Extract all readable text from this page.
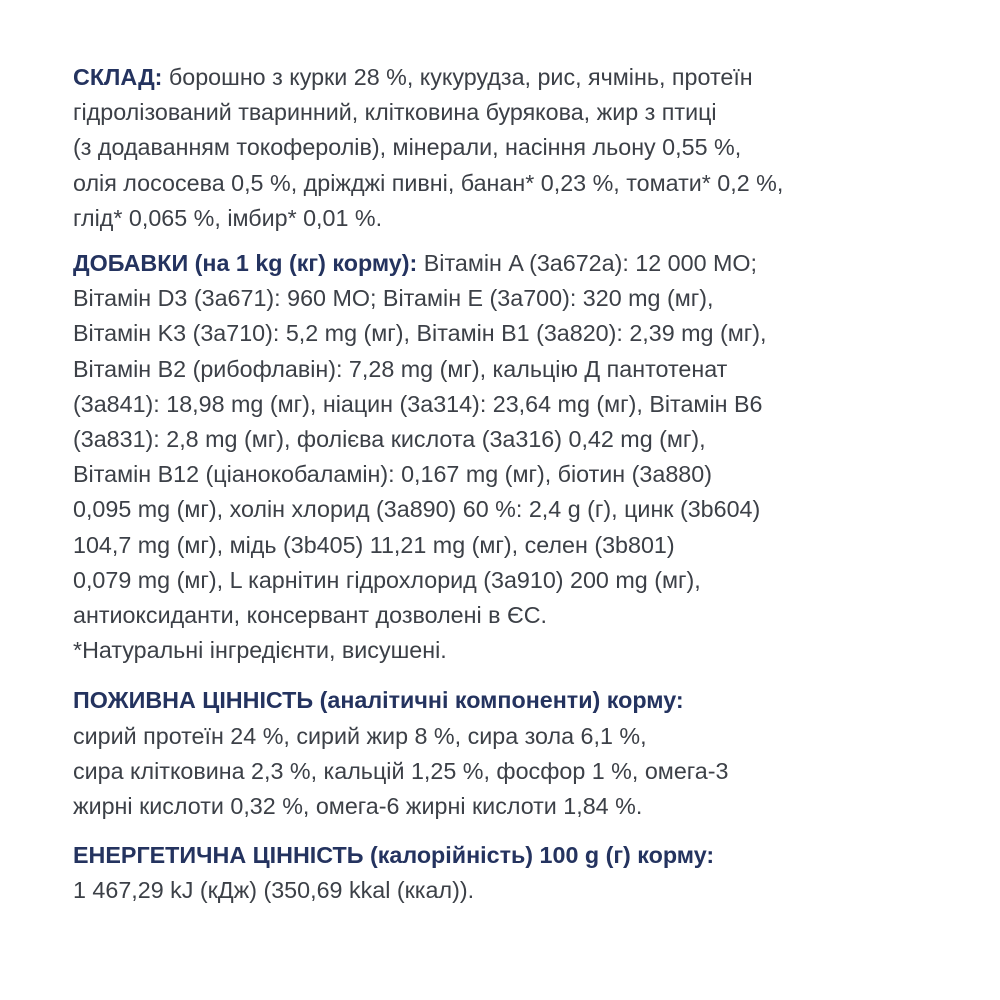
СКЛАД: борошно з курки 28 %, кукурудза, рис, ячмінь, протеїн
гідролізований тваринний, клітковина бурякова, жир з птиці
(з додаванням токоферолів), мінерали, насіння льону 0,55 %,
олія лососева 0,5 %, дріжджі пивні, банан* 0,23 %, томати* 0,2 %,
глід* 0,065 %, імбир* 0,01 %.
ДОБАВКИ (на 1 kg (кг) корму): Вітамін A (3a672a): 12 000 МО;
Вітамін D3 (3a671): 960 МО; Вітамін E (3a700): 320 mg (мг),
Вітамін K3 (3a710): 5,2 mg (мг), Вітамін B1 (3a820): 2,39 mg (мг),
Вітамін B2 (рибофлавін): 7,28 mg (мг), кальцію Д пантотенат
(3a841): 18,98 mg (мг), ніацин (3a314): 23,64 mg (мг), Вітамін B6
(3a831): 2,8 mg (мг), фолієва кислота (3a316) 0,42 mg (мг),
Вітамін B12 (ціанокобаламін): 0,167 mg (мг), біотин (3a880)
0,095 mg (мг), холін хлорид (3a890) 60 %: 2,4 g (г), цинк (3b604)
104,7 mg (мг), мідь (3b405) 11,21 mg (мг), селен (3b801)
0,079 mg (мг), L карнітин гідрохлорид (3a910) 200 mg (мг),
антиоксиданти, консервант дозволені в ЄС.
*Натуральні інгредієнти, висушені.
ПОЖИВНА ЦІННІСТЬ (аналітичні компоненти) корму:
сирий протеїн 24 %, сирий жир 8 %, сира зола 6,1 %,
сира клітковина 2,3 %, кальцій 1,25 %, фосфор 1 %, омега-3
жирні кислоти 0,32 %, омега-6 жирні кислоти 1,84 %.
ЕНЕРГЕТИЧНА ЦІННІСТЬ (калорійність) 100 g (г) корму:
1 467,29 kJ (кДж) (350,69 kkal (ккал)).
